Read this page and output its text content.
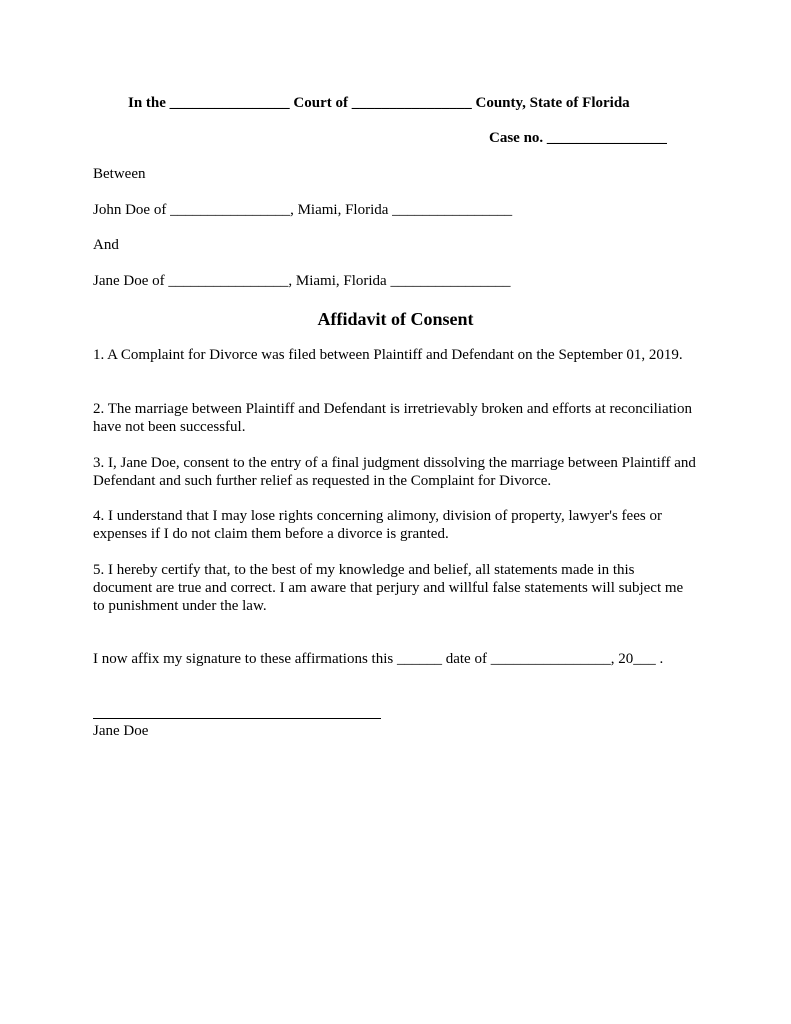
In the ________________ Court of ________________ County, State of Florida
Case no. ________________
Between
John Doe of ________________, Miami, Florida ________________
And
Jane Doe of ________________, Miami, Florida ________________
Affidavit of Consent
1. A Complaint for Divorce was filed between Plaintiff and Defendant on the September 01, 2019.
2. The marriage between Plaintiff and Defendant is irretrievably broken and efforts at reconciliation have not been successful.
3. I, Jane Doe, consent to the entry of a final judgment dissolving the marriage between Plaintiff and Defendant and such further relief as requested in the Complaint for Divorce.
4. I understand that I may lose rights concerning alimony, division of property, lawyer's fees or expenses if I do not claim them before a divorce is granted.
5. I hereby certify that, to the best of my knowledge and belief, all statements made in this document are true and correct. I am aware that perjury and willful false statements will subject me to punishment under the law.
I now affix my signature to these affirmations this ______ date of ________________, 20___ .
Jane Doe
